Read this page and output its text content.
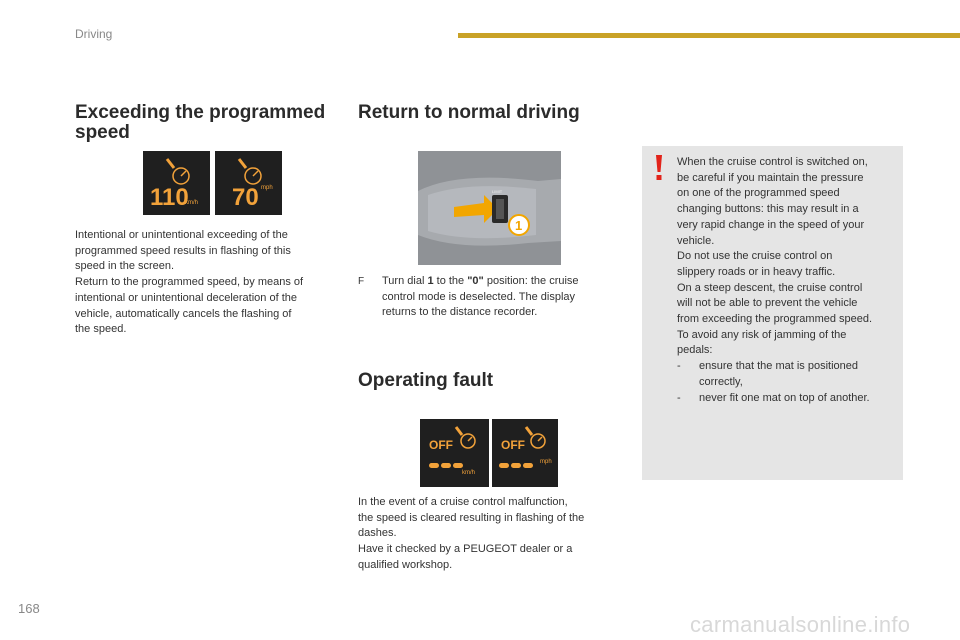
Driving
Exceeding the programmed speed
110
km/h 70 mph
Intentional or unintentional exceeding of the
programmed speed results in flashing of this
speed in the screen.
Return to the programmed speed, by means of
intentional or unintentional deceleration of the
vehicle, automatically cancels the flashing of
the speed.
Return to normal driving
LIMIT
1
F Turn dial 1 to the "0" position: the cruise
control mode is deselected. The display
returns to the distance recorder.
Operating fault
OFF
km/h
OFF
mph
In the event of a cruise control malfunction,
the speed is cleared resulting in flashing of the
dashes.
Have it checked by a PEUGEOT dealer or a
qualified workshop.
When the cruise control is switched on,
be careful if you maintain the pressure
on one of the programmed speed
changing buttons: this may result in a
very rapid change in the speed of your
vehicle.
Do not use the cruise control on
slippery roads or in heavy traffic.
On a steep descent, the cruise control
will not be able to prevent the vehicle
from exceeding the programmed speed.
To avoid any risk of jamming of the
pedals:
- ensure that the mat is positioned
correctly,
- never fit one mat on top of another.
168
carmanualsonline.info
